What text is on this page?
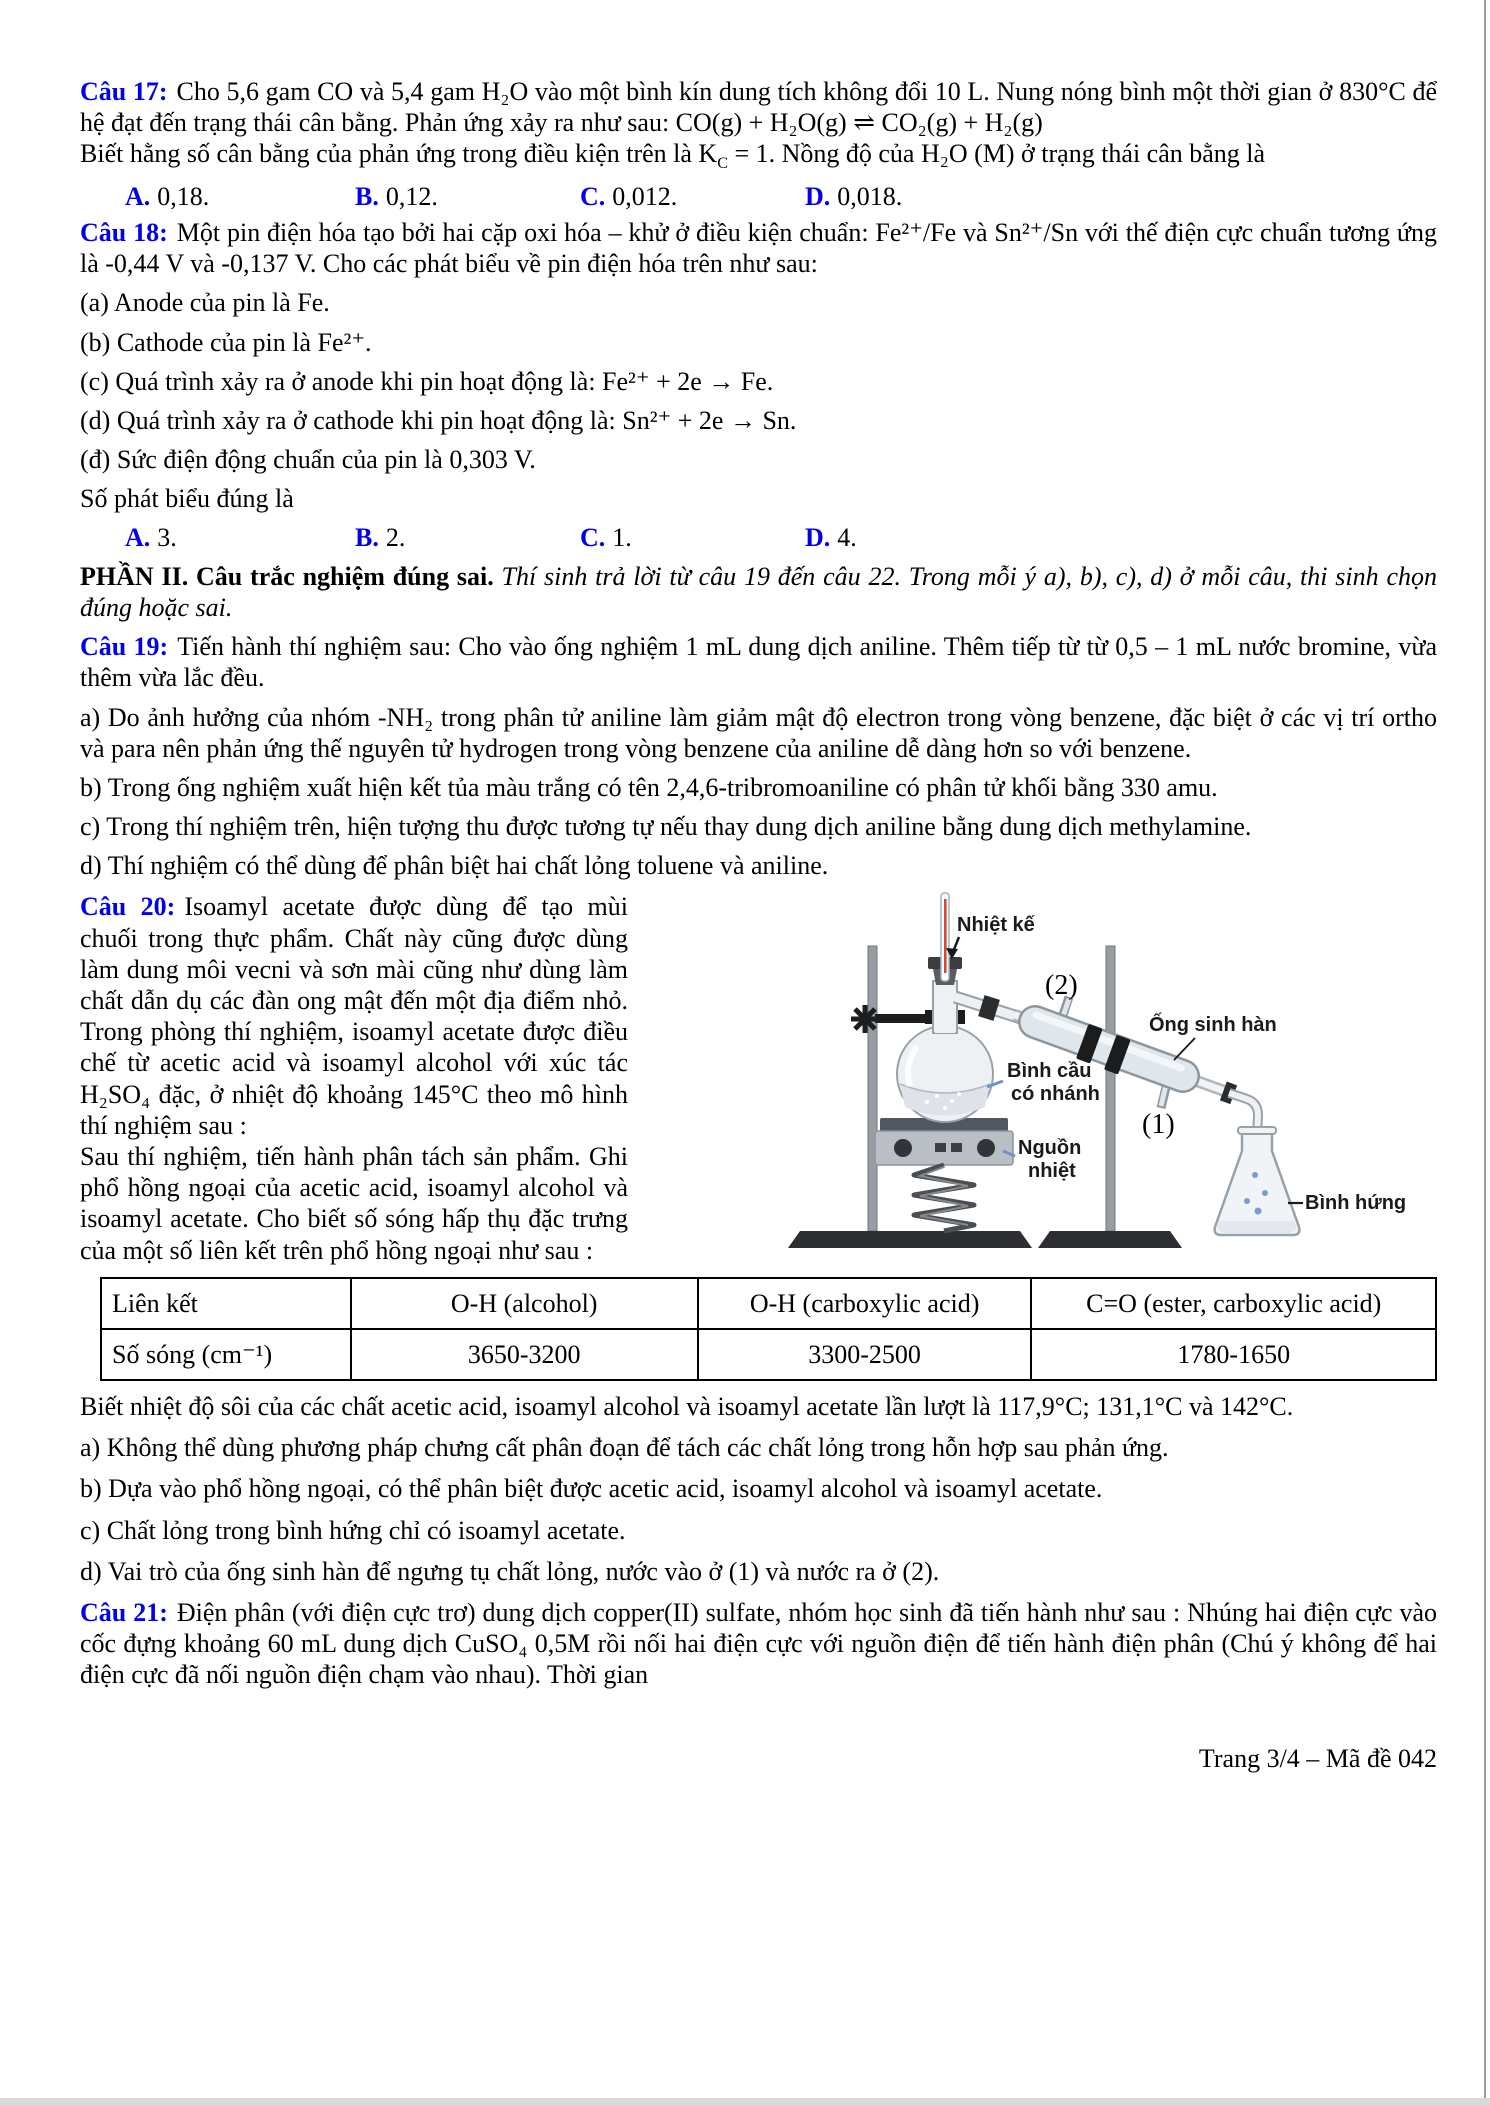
Câu 17: Cho 5,6 gam CO và 5,4 gam H₂O vào một bình kín dung tích không đổi 10 L. Nung nóng bình một thời gian ở 830°C để hệ đạt đến trạng thái cân bằng. Phản ứng xảy ra như sau: CO(g) + H₂O(g) ⇌ CO₂(g) + H₂(g)

Biết hằng số cân bằng của phản ứng trong điều kiện trên là $K_C = 1$. Nồng độ của H₂O (M) ở trạng thái cân bằng là

A. 0,18.	B. 0,12.	C. 0,012.	D. 0,018.

Câu 18: Một pin điện hóa tạo bởi hai cặp oxi hóa – khử ở điều kiện chuẩn: Fe²⁺/Fe và Sn²⁺/Sn với thế điện cực chuẩn tương ứng là -0,44 V và -0,137 V. Cho các phát biểu về pin điện hóa trên như sau:

(a) Anode của pin là Fe.

(b) Cathode của pin là Fe²⁺.

(c) Quá trình xảy ra ở anode khi pin hoạt động là: Fe²⁺ + 2e → Fe.

(d) Quá trình xảy ra ở cathode khi pin hoạt động là: Sn²⁺ + 2e → Sn.

(đ) Sức điện động chuẩn của pin là 0,303 V.

Số phát biểu đúng là

A. 3.	B. 2.	C. 1.	D. 4.

PHẦN II. Câu trắc nghiệm đúng sai. Thí sinh trả lời từ câu 19 đến câu 22. Trong mỗi ý a), b), c), d) ở mỗi câu, thi sinh chọn đúng hoặc sai.

Câu 19: Tiến hành thí nghiệm sau: Cho vào ống nghiệm 1 mL dung dịch aniline. Thêm tiếp từ từ 0,5 – 1 mL nước bromine, vừa thêm vừa lắc đều.

a) Do ảnh hưởng của nhóm -NH₂ trong phân tử aniline làm giảm mật độ electron trong vòng benzene, đặc biệt ở các vị trí ortho và para nên phản ứng thế nguyên tử hydrogen trong vòng benzene của aniline dễ dàng hơn so với benzene.

b) Trong ống nghiệm xuất hiện kết tủa màu trắng có tên 2,4,6-tribromoaniline có phân tử khối bằng 330 amu.

c) Trong thí nghiệm trên, hiện tượng thu được tương tự nếu thay dung dịch aniline bằng dung dịch methylamine.

d) Thí nghiệm có thể dùng để phân biệt hai chất lỏng toluene và aniline.

Câu 20: Isoamyl acetate được dùng để tạo mùi chuối trong thực phẩm. Chất này cũng được dùng làm dung môi vecni và sơn mài cũng như dùng làm chất dẫn dụ các đàn ong mật đến một địa điểm nhỏ. Trong phòng thí nghiệm, isoamyl acetate được điều chế từ acetic acid và isoamyl alcohol với xúc tác H₂SO₄ đặc, ở nhiệt độ khoảng 145°C theo mô hình thí nghiệm sau :

Sau thí nghiệm, tiến hành phân tách sản phẩm. Ghi phổ hồng ngoại của acetic acid, isoamyl alcohol và isoamyl acetate. Cho biết số sóng hấp thụ đặc trưng của một số liên kết trên phổ hồng ngoại như sau :

Nhiệt kế
(2)
Ống sinh hàn
Bình cầu
có nhánh
(1)
Nguồn
nhiệt
Bình hứng
Liên kết	O-H (alcohol)	O-H (carboxylic acid)	C=O (ester, carboxylic acid)
Số sóng (cm⁻¹)	3650-3200	3300-2500	1780-1650

Biết nhiệt độ sôi của các chất acetic acid, isoamyl alcohol và isoamyl acetate lần lượt là 117,9°C; 131,1°C và 142°C.

a) Không thể dùng phương pháp chưng cất phân đoạn để tách các chất lỏng trong hỗn hợp sau phản ứng.

b) Dựa vào phổ hồng ngoại, có thể phân biệt được acetic acid, isoamyl alcohol và isoamyl acetate.

c) Chất lỏng trong bình hứng chỉ có isoamyl acetate.

d) Vai trò của ống sinh hàn để ngưng tụ chất lỏng, nước vào ở (1) và nước ra ở (2).

Câu 21: Điện phân (với điện cực trơ) dung dịch copper(II) sulfate, nhóm học sinh đã tiến hành như sau : Nhúng hai điện cực vào cốc đựng khoảng 60 mL dung dịch CuSO₄ 0,5M rồi nối hai điện cực với nguồn điện để tiến hành điện phân (Chú ý không để hai điện cực đã nối nguồn điện chạm vào nhau). Thời gian

Trang 3/4 – Mã đề 042
